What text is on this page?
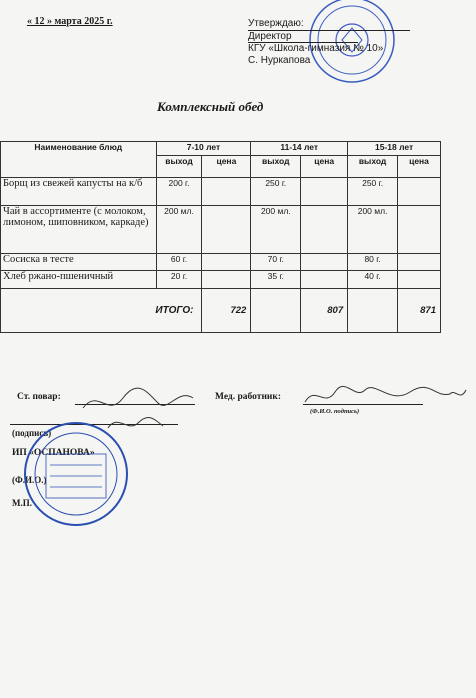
« 12 » марта 2025 г.	Утверждаю:
Директор
КГУ «Школа-гимназия № 10»
С. Нуркапова
Комплексный обед
Наименование блюд	7-10 лет		11-14 лет		15-18 лет	
	выход	цена	выход	цена	выход	цена
Борщ из свежей капусты на к/б	200 г.		250 г.		250 г.	
Чай в ассортименте (с молоком, лимоном, шиповником, каркаде)	200 мл.		200 мл.		200 мл.	
Сосиска в тесте	60 г.		70 г.		80 г.	
Хлеб ржано-пшеничный	20 г.		35 г.		40 г.	
ИТОГО:		722		807		871
Ст. повар:
(подпись)
ИП «ОСПАНОВА»
(Ф.И.О.)
М.П.
Мед. работник:
(Ф.И.О. подпись)
